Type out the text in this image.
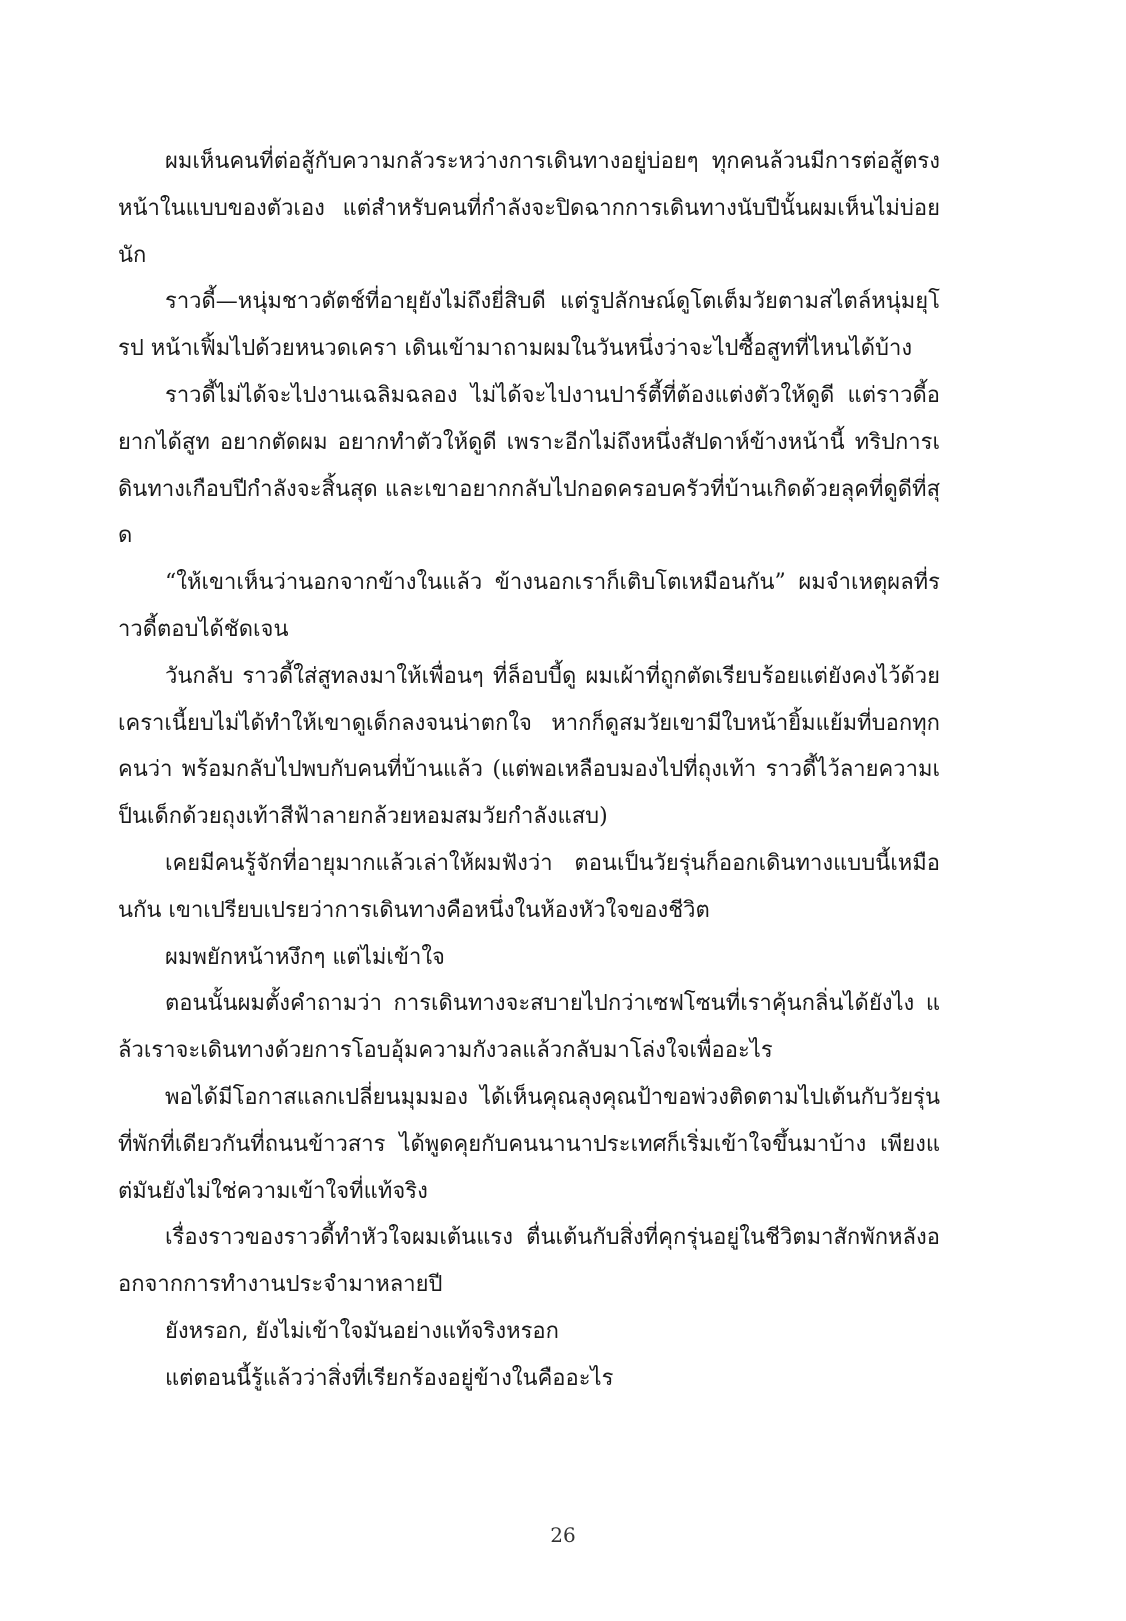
ผมเห็นคนที่ต่อสู้กับความกลัวระหว่างการเดินทางอยู่บ่อยๆ ทุกคนล้วนมีการต่อสู้ตรงหน้าในแบบของตัวเอง แต่สำหรับคนที่กำลังจะปิดฉากการเดินทางนับปีนั้นผมเห็นไม่บ่อยนัก

ราวดี้—หนุ่มชาวดัตช์ที่อายุยังไม่ถึงยี่สิบดี แต่รูปลักษณ์ดูโตเต็มวัยตามสไตล์หนุ่มยุโรป หน้าเฟิ้มไปด้วยหนวดเครา เดินเข้ามาถามผมในวันหนึ่งว่าจะไปซื้อสูทที่ไหนได้บ้าง

ราวดี้ไม่ได้จะไปงานเฉลิมฉลอง ไม่ได้จะไปงานปาร์ตี้ที่ต้องแต่งตัวให้ดูดี แต่ราวดี้อยากได้สูท อยากตัดผม อยากทำตัวให้ดูดี เพราะอีกไม่ถึงหนึ่งสัปดาห์ข้างหน้านี้ ทริปการเดินทางเกือบปีกำลังจะสิ้นสุด และเขาอยากกลับไปกอดครอบครัวที่บ้านเกิดด้วยลุคที่ดูดีที่สุด

“ให้เขาเห็นว่านอกจากข้างในแล้ว ข้างนอกเราก็เติบโตเหมือนกัน” ผมจำเหตุผลที่ราวดี้ตอบได้ชัดเจน

วันกลับ ราวดี้ใส่สูทลงมาให้เพื่อนๆ ที่ล็อบบี้ดู ผมเผ้าที่ถูกตัดเรียบร้อยแต่ยังคงไว้ด้วยเคราเนี้ยบไม่ได้ทำให้เขาดูเด็กลงจนน่าตกใจ หากก็ดูสมวัยเขามีใบหน้ายิ้มแย้มที่บอกทุกคนว่า พร้อมกลับไปพบกับคนที่บ้านแล้ว (แต่พอเหลือบมองไปที่ถุงเท้า ราวดี้ไว้ลายความเป็นเด็กด้วยถุงเท้าสีฟ้าลายกล้วยหอมสมวัยกำลังแสบ)

เคยมีคนรู้จักที่อายุมากแล้วเล่าให้ผมฟังว่า ตอนเป็นวัยรุ่นก็ออกเดินทางแบบนี้เหมือนกัน เขาเปรียบเปรยว่าการเดินทางคือหนึ่งในห้องหัวใจของชีวิต

ผมพยักหน้าหงึกๆ แต่ไม่เข้าใจ

ตอนนั้นผมตั้งคำถามว่า การเดินทางจะสบายไปกว่าเซฟโซนที่เราคุ้นกลิ่นได้ยังไง แล้วเราจะเดินทางด้วยการโอบอุ้มความกังวลแล้วกลับมาโล่งใจเพื่ออะไร

พอได้มีโอกาสแลกเปลี่ยนมุมมอง ได้เห็นคุณลุงคุณป้าขอพ่วงติดตามไปเต้นกับวัยรุ่นที่พักที่เดียวกันที่ถนนข้าวสาร ได้พูดคุยกับคนนานาประเทศก็เริ่มเข้าใจขึ้นมาบ้าง เพียงแต่มันยังไม่ใช่ความเข้าใจที่แท้จริง

เรื่องราวของราวดี้ทำหัวใจผมเต้นแรง ตื่นเต้นกับสิ่งที่คุกรุ่นอยู่ในชีวิตมาสักพักหลังออกจากการทำงานประจำมาหลายปี

ยังหรอก, ยังไม่เข้าใจมันอย่างแท้จริงหรอก

แต่ตอนนี้รู้แล้วว่าสิ่งที่เรียกร้องอยู่ข้างในคืออะไร

26
